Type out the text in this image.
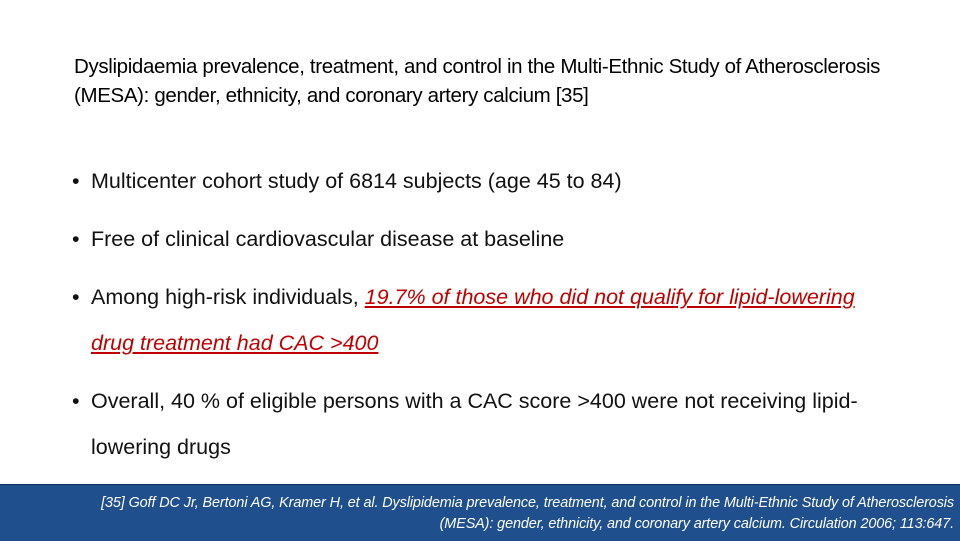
Dyslipidaemia prevalence, treatment, and control in the Multi-Ethnic Study of Atherosclerosis (MESA): gender, ethnicity, and coronary artery calcium [35]
• Multicenter cohort study of 6814 subjects (age 45 to 84)
• Free of clinical cardiovascular disease at baseline
• Among high-risk individuals, 19.7% of those who did not qualify for lipid-lowering drug treatment had CAC >400
• Overall, 40 % of eligible persons with a CAC score >400 were not receiving lipid-lowering drugs
[35] Goff DC Jr, Bertoni AG, Kramer H, et al. Dyslipidemia prevalence, treatment, and control in the Multi-Ethnic Study of Atherosclerosis (MESA): gender, ethnicity, and coronary artery calcium. Circulation 2006; 113:647.
